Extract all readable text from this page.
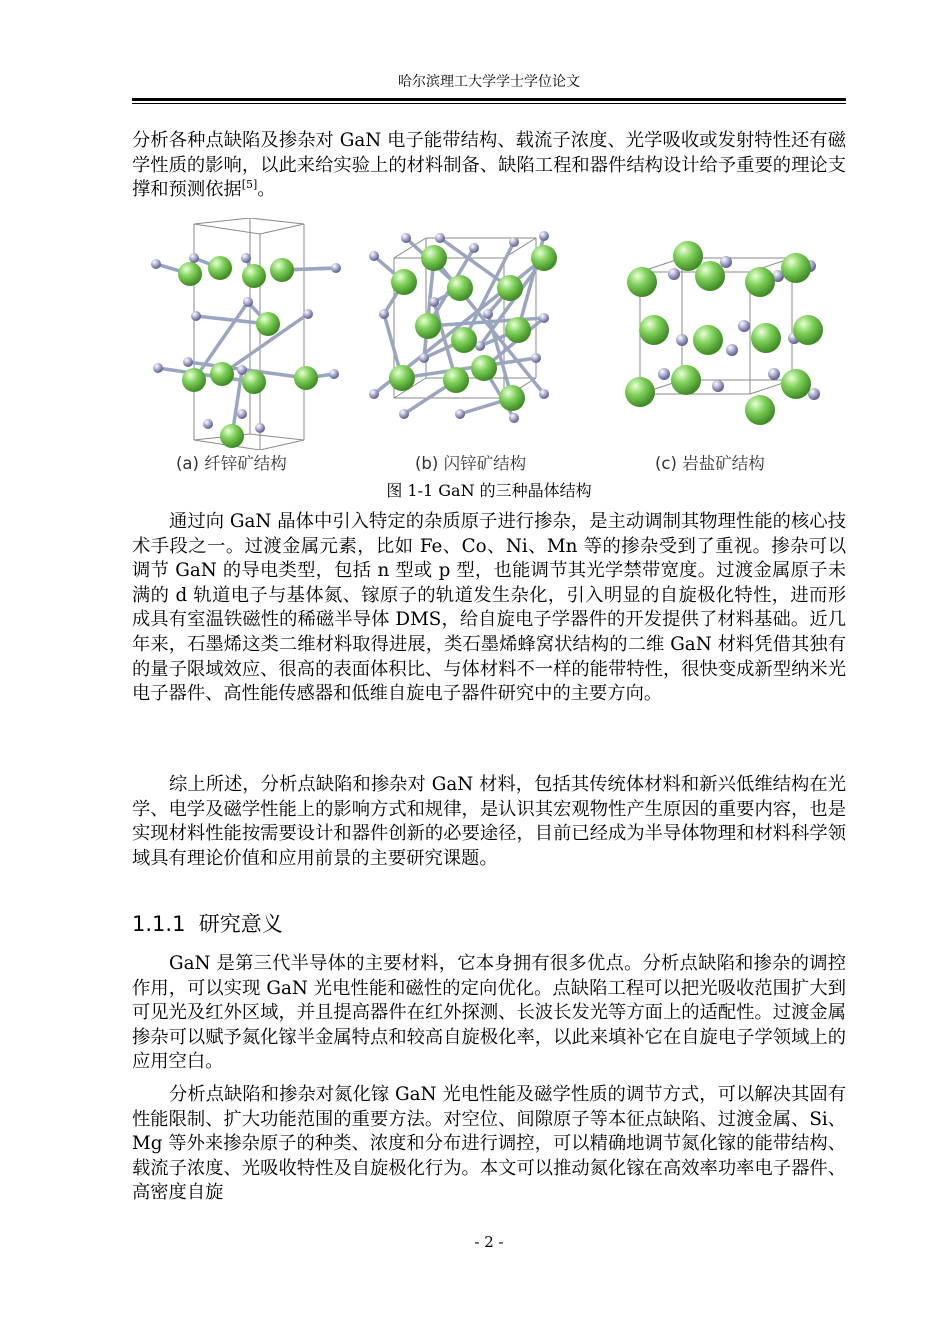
哈尔滨理工大学学士学位论文

分析各种点缺陷及掺杂对 GaN 电子能带结构、载流子浓度、光学吸收或发射特性还有磁学性质的影响，以此来给实验上的材料制备、缺陷工程和器件结构设计给予重要的理论支撑和预测依据[5]。

(a) 纤锌矿结构	(b) 闪锌矿结构	(c) 岩盐矿结构
图 1-1 GaN 的三种晶体结构

通过向 GaN 晶体中引入特定的杂质原子进行掺杂，是主动调制其物理性能的核心技术手段之一。过渡金属元素，比如 Fe、Co、Ni、Mn 等的掺杂受到了重视。掺杂可以调节 GaN 的导电类型，包括 n 型或 p 型，也能调节其光学禁带宽度。过渡金属原子未满的 d 轨道电子与基体氮、镓原子的轨道发生杂化，引入明显的自旋极化特性，进而形成具有室温铁磁性的稀磁半导体 DMS，给自旋电子学器件的开发提供了材料基础。近几年来，石墨烯这类二维材料取得进展，类石墨烯蜂窝状结构的二维 GaN 材料凭借其独有的量子限域效应、很高的表面体积比、与体材料不一样的能带特性，很快变成新型纳米光电子器件、高性能传感器和低维自旋电子器件研究中的主要方向。

综上所述，分析点缺陷和掺杂对 GaN 材料，包括其传统体材料和新兴低维结构在光学、电学及磁学性能上的影响方式和规律，是认识其宏观物性产生原因的重要内容，也是实现材料性能按需要设计和器件创新的必要途径，目前已经成为半导体物理和材料科学领域具有理论价值和应用前景的主要研究课题。

1.1.1 研究意义

GaN 是第三代半导体的主要材料，它本身拥有很多优点。分析点缺陷和掺杂的调控作用，可以实现 GaN 光电性能和磁性的定向优化。点缺陷工程可以把光吸收范围扩大到可见光及红外区域，并且提高器件在红外探测、长波长发光等方面上的适配性。过渡金属掺杂可以赋予氮化镓半金属特点和较高自旋极化率，以此来填补它在自旋电子学领域上的应用空白。

分析点缺陷和掺杂对氮化镓 GaN 光电性能及磁学性质的调节方式，可以解决其固有性能限制、扩大功能范围的重要方法。对空位、间隙原子等本征点缺陷、过渡金属、Si、Mg 等外来掺杂原子的种类、浓度和分布进行调控，可以精确地调节氮化镓的能带结构、载流子浓度、光吸收特性及自旋极化行为。本文可以推动氮化镓在高效率功率电子器件、高密度自旋

- 2 -
